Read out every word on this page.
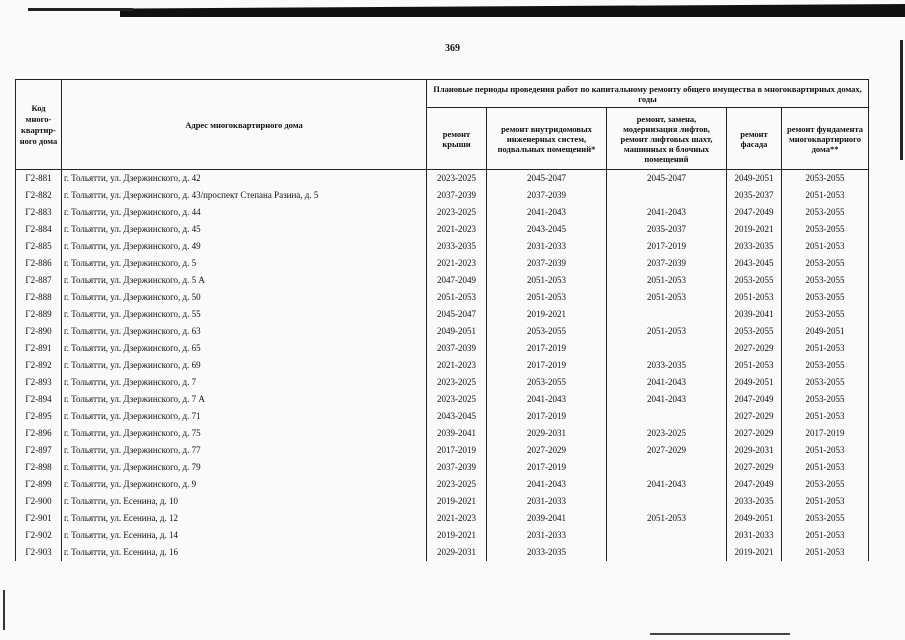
369
Код много-квартир-ного дома	Адрес многоквартирного дома	Плановые периоды проведения работ по капитальному ремонту общего имущества в многоквартирных домах, годы				
		ремонт крыши	ремонт внутридомовых инженерных систем, подвальных помещений*	ремонт, замена, модернизация лифтов, ремонт лифтовых шахт, машинных и блочных помещений	ремонт фасада	ремонт фундамента многоквартирного дома**
Г2-881	г. Тольятти, ул. Дзержинского, д. 42	2023-2025	2045-2047	2045-2047	2049-2051	2053-2055
Г2-882	г. Тольятти, ул. Дзержинского, д. 43/проспект Степана Разина, д. 5	2037-2039	2037-2039		2035-2037	2051-2053
Г2-883	г. Тольятти, ул. Дзержинского, д. 44	2023-2025	2041-2043	2041-2043	2047-2049	2053-2055
Г2-884	г. Тольятти, ул. Дзержинского, д. 45	2021-2023	2043-2045	2035-2037	2019-2021	2053-2055
Г2-885	г. Тольятти, ул. Дзержинского, д. 49	2033-2035	2031-2033	2017-2019	2033-2035	2051-2053
Г2-886	г. Тольятти, ул. Дзержинского, д. 5	2021-2023	2037-2039	2037-2039	2043-2045	2053-2055
Г2-887	г. Тольятти, ул. Дзержинского, д. 5 А	2047-2049	2051-2053	2051-2053	2053-2055	2053-2055
Г2-888	г. Тольятти, ул. Дзержинского, д. 50	2051-2053	2051-2053	2051-2053	2051-2053	2053-2055
Г2-889	г. Тольятти, ул. Дзержинского, д. 55	2045-2047	2019-2021		2039-2041	2053-2055
Г2-890	г. Тольятти, ул. Дзержинского, д. 63	2049-2051	2053-2055	2051-2053	2053-2055	2049-2051
Г2-891	г. Тольятти, ул. Дзержинского, д. 65	2037-2039	2017-2019		2027-2029	2051-2053
Г2-892	г. Тольятти, ул. Дзержинского, д. 69	2021-2023	2017-2019	2033-2035	2051-2053	2053-2055
Г2-893	г. Тольятти, ул. Дзержинского, д. 7	2023-2025	2053-2055	2041-2043	2049-2051	2053-2055
Г2-894	г. Тольятти, ул. Дзержинского, д. 7 А	2023-2025	2041-2043	2041-2043	2047-2049	2053-2055
Г2-895	г. Тольятти, ул. Дзержинского, д. 71	2043-2045	2017-2019		2027-2029	2051-2053
Г2-896	г. Тольятти, ул. Дзержинского, д. 75	2039-2041	2029-2031	2023-2025	2027-2029	2017-2019
Г2-897	г. Тольятти, ул. Дзержинского, д. 77	2017-2019	2027-2029	2027-2029	2029-2031	2051-2053
Г2-898	г. Тольятти, ул. Дзержинского, д. 79	2037-2039	2017-2019		2027-2029	2051-2053
Г2-899	г. Тольятти, ул. Дзержинского, д. 9	2023-2025	2041-2043	2041-2043	2047-2049	2053-2055
Г2-900	г. Тольятти, ул. Есенина, д. 10	2019-2021	2031-2033		2033-2035	2051-2053
Г2-901	г. Тольятти, ул. Есенина, д. 12	2021-2023	2039-2041	2051-2053	2049-2051	2053-2055
Г2-902	г. Тольятти, ул. Есенина, д. 14	2019-2021	2031-2033		2031-2033	2051-2053
Г2-903	г. Тольятти, ул. Есенина, д. 16	2029-2031	2033-2035		2019-2021	2051-2053
